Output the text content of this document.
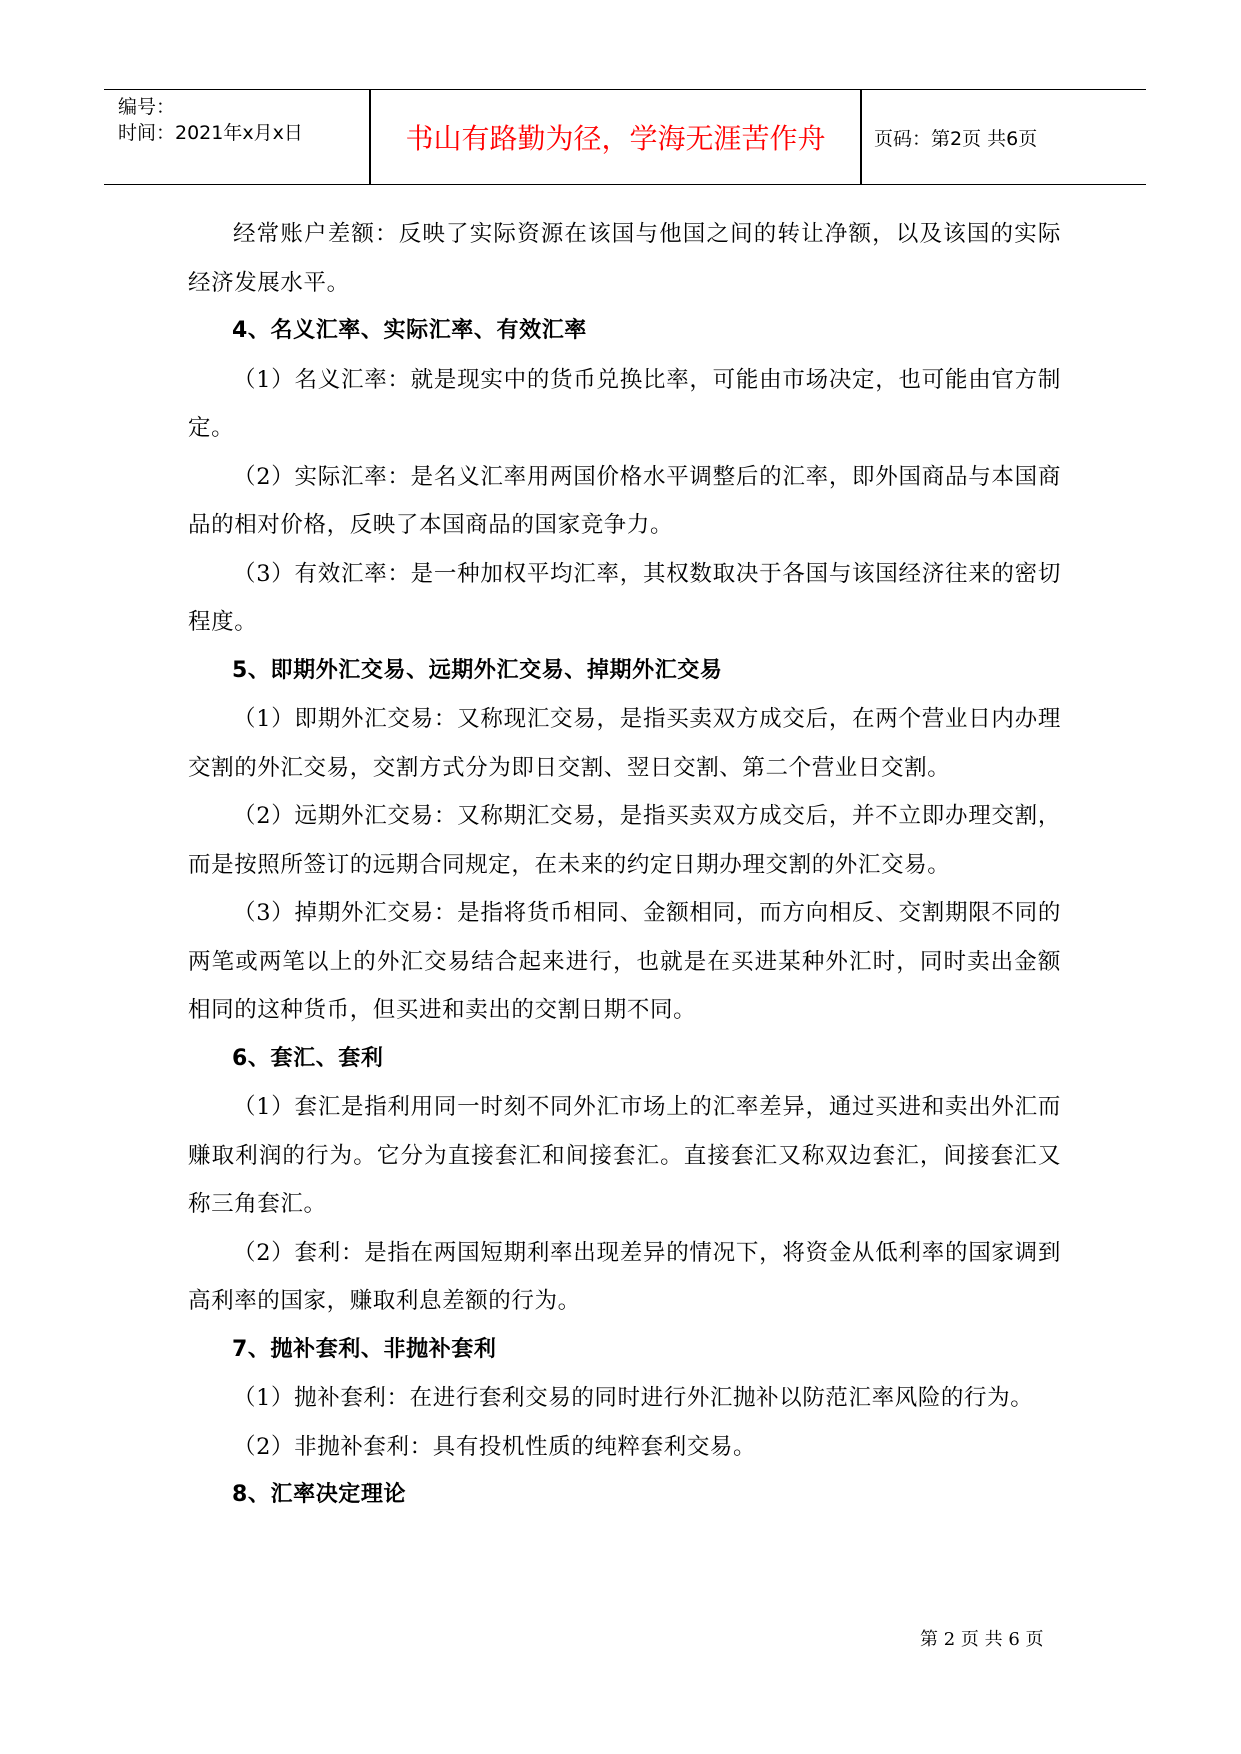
编号：
时间：2021年x月x日	书山有路勤为径，学海无涯苦作舟	页码：第2页 共6页

经常账户差额：反映了实际资源在该国与他国之间的转让净额，以及该国的实际经济发展水平。

4、名义汇率、实际汇率、有效汇率

（1）名义汇率：就是现实中的货币兑换比率，可能由市场决定，也可能由官方制定。

（2）实际汇率：是名义汇率用两国价格水平调整后的汇率，即外国商品与本国商品的相对价格，反映了本国商品的国家竞争力。

（3）有效汇率：是一种加权平均汇率，其权数取决于各国与该国经济往来的密切程度。

5、即期外汇交易、远期外汇交易、掉期外汇交易

（1）即期外汇交易：又称现汇交易，是指买卖双方成交后，在两个营业日内办理交割的外汇交易，交割方式分为即日交割、翌日交割、第二个营业日交割。

（2）远期外汇交易：又称期汇交易，是指买卖双方成交后，并不立即办理交割，而是按照所签订的远期合同规定，在未来的约定日期办理交割的外汇交易。

（3）掉期外汇交易：是指将货币相同、金额相同，而方向相反、交割期限不同的两笔或两笔以上的外汇交易结合起来进行，也就是在买进某种外汇时，同时卖出金额相同的这种货币，但买进和卖出的交割日期不同。

6、套汇、套利

（1）套汇是指利用同一时刻不同外汇市场上的汇率差异，通过买进和卖出外汇而赚取利润的行为。它分为直接套汇和间接套汇。直接套汇又称双边套汇，间接套汇又称三角套汇。

（2）套利：是指在两国短期利率出现差异的情况下，将资金从低利率的国家调到高利率的国家，赚取利息差额的行为。

7、抛补套利、非抛补套利

（1）抛补套利：在进行套利交易的同时进行外汇抛补以防范汇率风险的行为。

（2）非抛补套利：具有投机性质的纯粹套利交易。

8、汇率决定理论

第 2 页 共 6 页
